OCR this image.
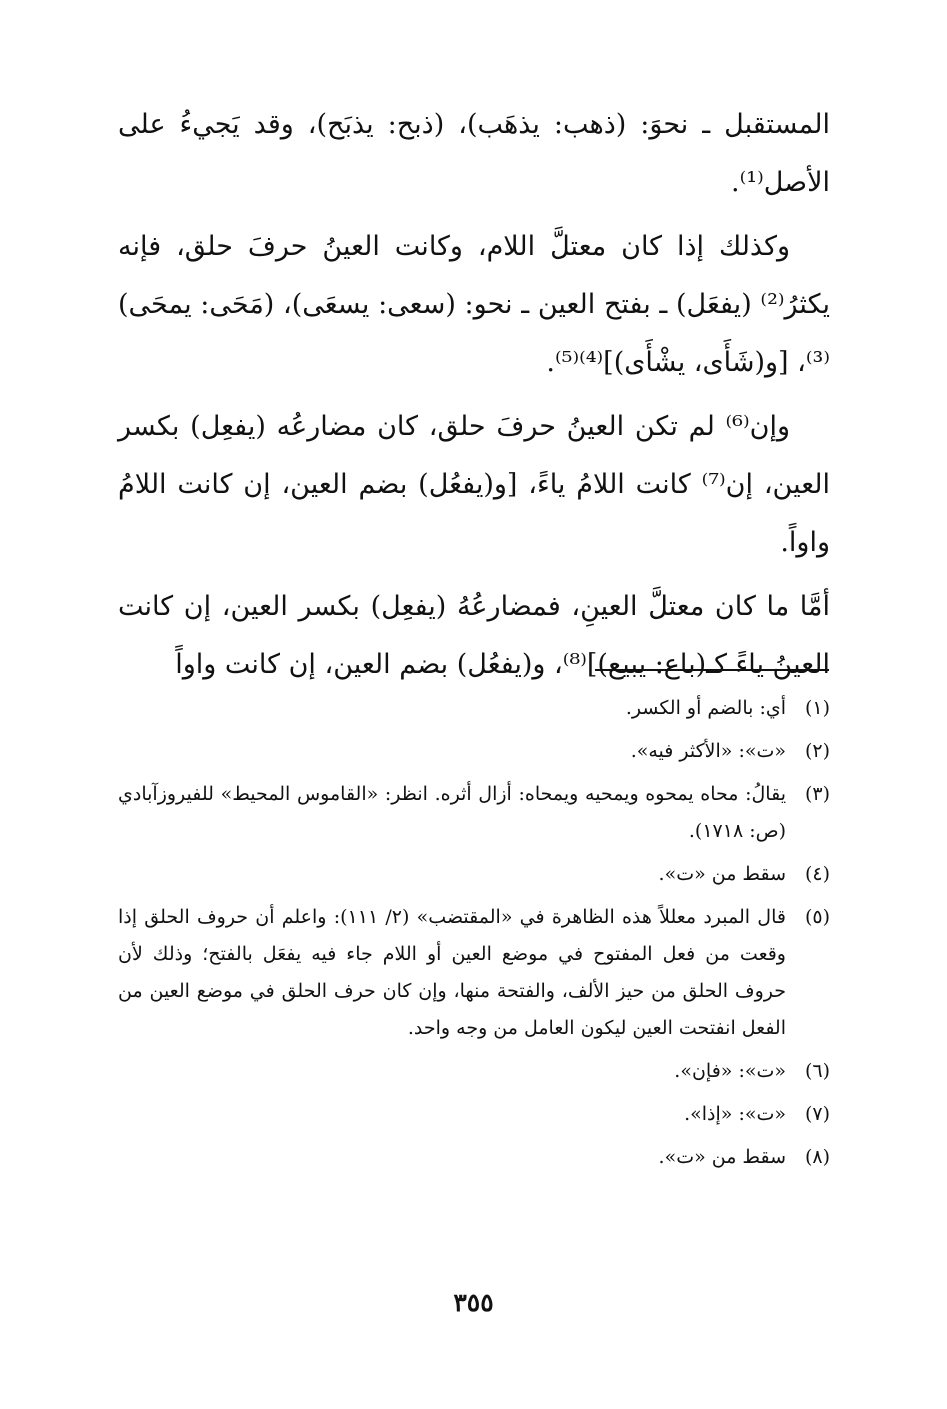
المستقبل ـ نحوَ: (ذهب: يذهَب)، (ذبح: يذبَح)، وقد يَجيءُ على الأصل⁽¹⁾.

وكذلك إذا كان معتلَّ اللام، وكانت العينُ حرفَ حلق، فإنه يكثرُ⁽²⁾ (يفعَل) ـ بفتح العين ـ نحو: (سعى: يسعَى)، (مَحَى: يمحَى)⁽³⁾، [و(شَأَى، يشْأَى)]⁽⁴⁾⁽⁵⁾.

وإن⁽⁶⁾ لم تكن العينُ حرفَ حلق، كان مضارعُه (يفعِل) بكسر العين، إن⁽⁷⁾ كانت اللامُ ياءً، [و(يفعُل) بضم العين، إن كانت اللامُ واواً.

أمَّا ما كان معتلَّ العينِ، فمضارعُهُ (يفعِل) بكسر العين، إن كانت العينُ ياءً كـ(باع: يبيع)]⁽⁸⁾، و(يفعُل) بضم العين، إن كانت واواً

(١)
أي: بالضم أو الكسر.
(٢)
«ت»: «الأكثر فيه».
(٣)
يقالُ: محاه يمحوه ويمحيه ويمحاه: أزال أثره. انظر: «القاموس المحيط» للفيروزآبادي (ص: ١٧١٨).
(٤)
سقط من «ت».
(٥)
قال المبرد معللاً هذه الظاهرة في «المقتضب» (٢/ ١١١): واعلم أن حروف الحلق إذا وقعت من فعل المفتوح في موضع العين أو اللام جاء فيه يفعَل بالفتح؛ وذلك لأن حروف الحلق من حيز الألف، والفتحة منها، وإن كان حرف الحلق في موضع العين من الفعل انفتحت العين ليكون العامل من وجه واحد.
(٦)
«ت»: «فإن».
(٧)
«ت»: «إذا».
(٨)
سقط من «ت».
٣٥٥
